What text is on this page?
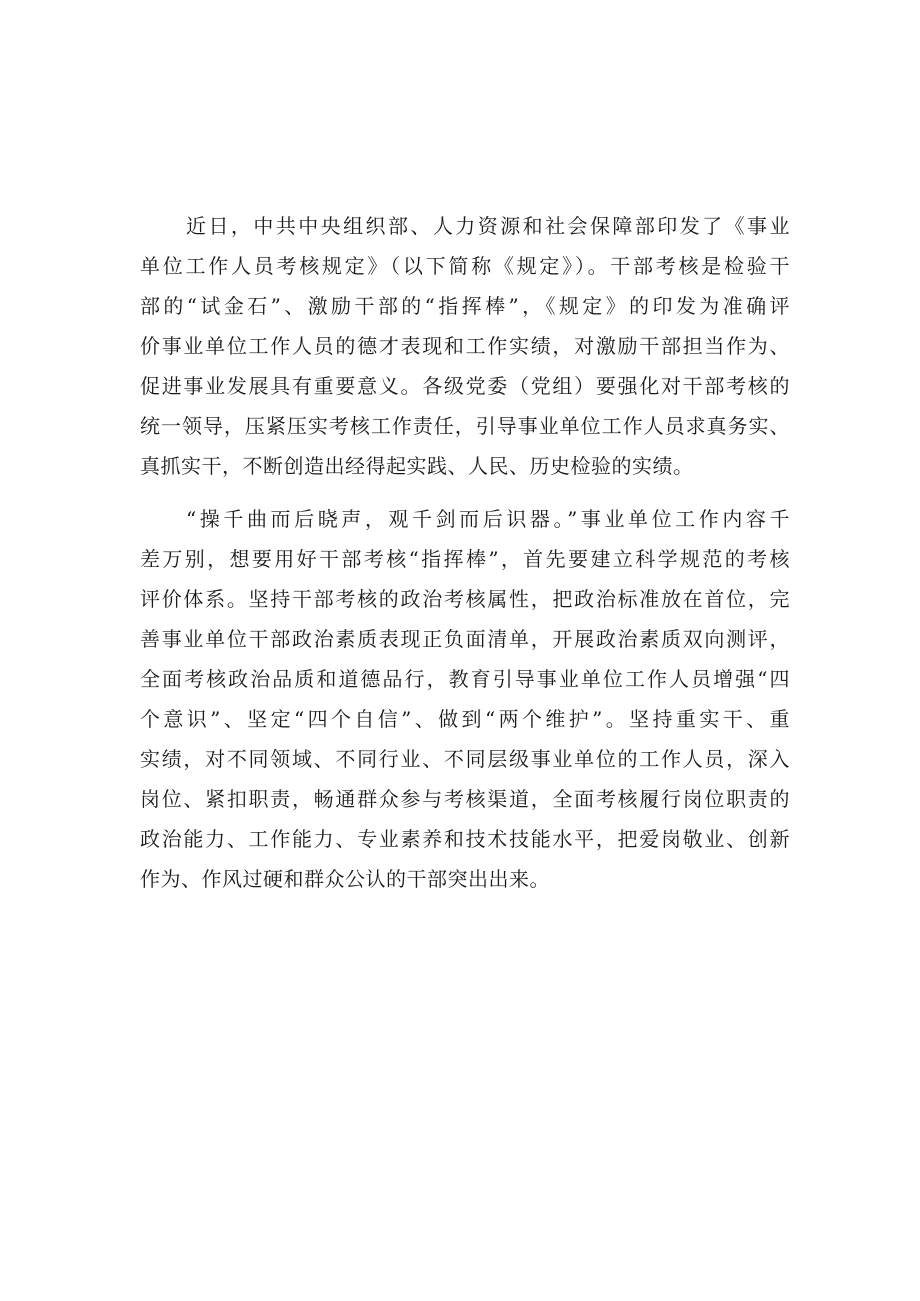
近日，中共中央组织部、人力资源和社会保障部印发了《事业
单位工作人员考核规定》（以下简称《规定》）。干部考核是检验干
部的“试金石”、激励干部的“指挥棒”，《规定》的印发为准确评
价事业单位工作人员的德才表现和工作实绩，对激励干部担当作为、
促进事业发展具有重要意义。各级党委（党组）要强化对干部考核的
统一领导，压紧压实考核工作责任，引导事业单位工作人员求真务实、
真抓实干，不断创造出经得起实践、人民、历史检验的实绩。
“操千曲而后晓声，观千剑而后识器。”事业单位工作内容千
差万别，想要用好干部考核“指挥棒”，首先要建立科学规范的考核
评价体系。坚持干部考核的政治考核属性，把政治标准放在首位，完
善事业单位干部政治素质表现正负面清单，开展政治素质双向测评，
全面考核政治品质和道德品行，教育引导事业单位工作人员增强“四
个意识”、坚定“四个自信”、做到“两个维护”。坚持重实干、重
实绩，对不同领域、不同行业、不同层级事业单位的工作人员，深入
岗位、紧扣职责，畅通群众参与考核渠道，全面考核履行岗位职责的
政治能力、工作能力、专业素养和技术技能水平，把爱岗敬业、创新
作为、作风过硬和群众公认的干部突出出来。
